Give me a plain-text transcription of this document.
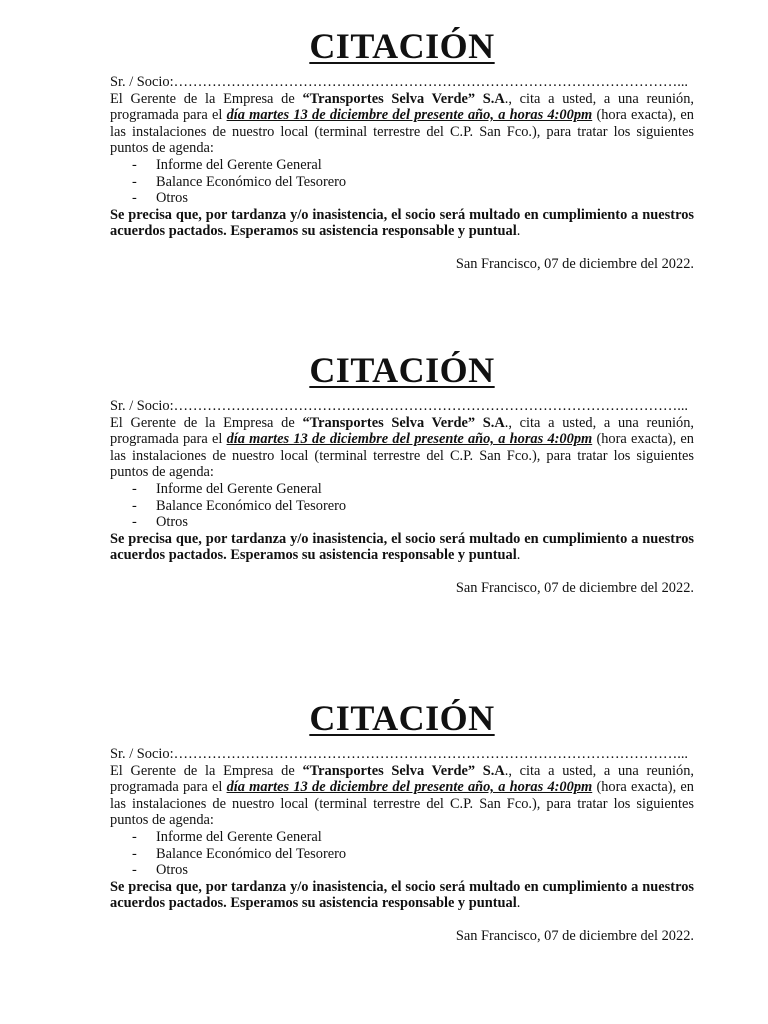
CITACIÓN

Sr. / Socio:……………………………………………………………………………………………...

El Gerente de la Empresa de “Transportes Selva Verde” S.A., cita a usted, a una reunión, programada para el día martes 13 de diciembre del presente año, a horas 4:00pm (hora exacta), en las instalaciones de nuestro local (terminal terrestre del C.P. San Fco.), para tratar los siguientes puntos de agenda:

-	Informe del Gerente General
-	Balance Económico del Tesorero
-	Otros

Se precisa que, por tardanza y/o inasistencia, el socio será multado en cumplimiento a nuestros acuerdos pactados. Esperamos su asistencia responsable y puntual.

San Francisco, 07 de diciembre del 2022.

CITACIÓN

Sr. / Socio:……………………………………………………………………………………………...

El Gerente de la Empresa de “Transportes Selva Verde” S.A., cita a usted, a una reunión, programada para el día martes 13 de diciembre del presente año, a horas 4:00pm (hora exacta), en las instalaciones de nuestro local (terminal terrestre del C.P. San Fco.), para tratar los siguientes puntos de agenda:

-	Informe del Gerente General
-	Balance Económico del Tesorero
-	Otros

Se precisa que, por tardanza y/o inasistencia, el socio será multado en cumplimiento a nuestros acuerdos pactados. Esperamos su asistencia responsable y puntual.

San Francisco, 07 de diciembre del 2022.

CITACIÓN

Sr. / Socio:……………………………………………………………………………………………...

El Gerente de la Empresa de “Transportes Selva Verde” S.A., cita a usted, a una reunión, programada para el día martes 13 de diciembre del presente año, a horas 4:00pm (hora exacta), en las instalaciones de nuestro local (terminal terrestre del C.P. San Fco.), para tratar los siguientes puntos de agenda:

-	Informe del Gerente General
-	Balance Económico del Tesorero
-	Otros

Se precisa que, por tardanza y/o inasistencia, el socio será multado en cumplimiento a nuestros acuerdos pactados. Esperamos su asistencia responsable y puntual.

San Francisco, 07 de diciembre del 2022.
